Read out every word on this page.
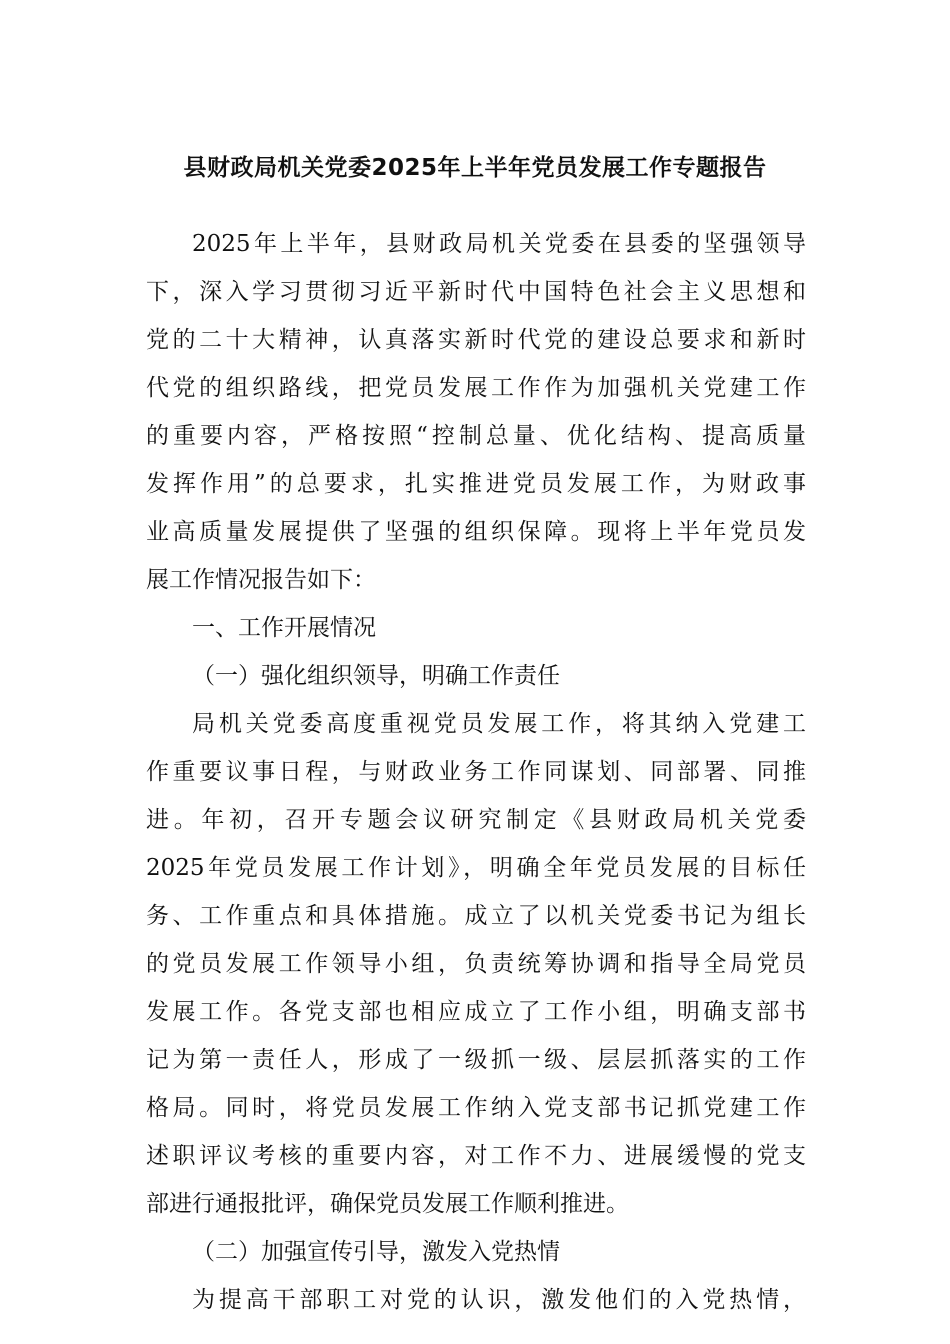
县财政局机关党委2025年上半年党员发展工作专题报告
2025年上半年，县财政局机关党委在县委的坚强领导
下，深入学习贯彻习近平新时代中国特色社会主义思想和
党的二十大精神，认真落实新时代党的建设总要求和新时
代党的组织路线，把党员发展工作作为加强机关党建工作
的重要内容，严格按照“控制总量、优化结构、提高质量
发挥作用”的总要求，扎实推进党员发展工作，为财政事
业高质量发展提供了坚强的组织保障。现将上半年党员发
展工作情况报告如下：
一、工作开展情况
（一）强化组织领导，明确工作责任
局机关党委高度重视党员发展工作，将其纳入党建工
作重要议事日程，与财政业务工作同谋划、同部署、同推
进。年初，召开专题会议研究制定《县财政局机关党委
2025年党员发展工作计划》，明确全年党员发展的目标任
务、工作重点和具体措施。成立了以机关党委书记为组长
的党员发展工作领导小组，负责统筹协调和指导全局党员
发展工作。各党支部也相应成立了工作小组，明确支部书
记为第一责任人，形成了一级抓一级、层层抓落实的工作
格局。同时，将党员发展工作纳入党支部书记抓党建工作
述职评议考核的重要内容，对工作不力、进展缓慢的党支
部进行通报批评，确保党员发展工作顺利推进。
（二）加强宣传引导，激发入党热情
为提高干部职工对党的认识，激发他们的入党热情，
